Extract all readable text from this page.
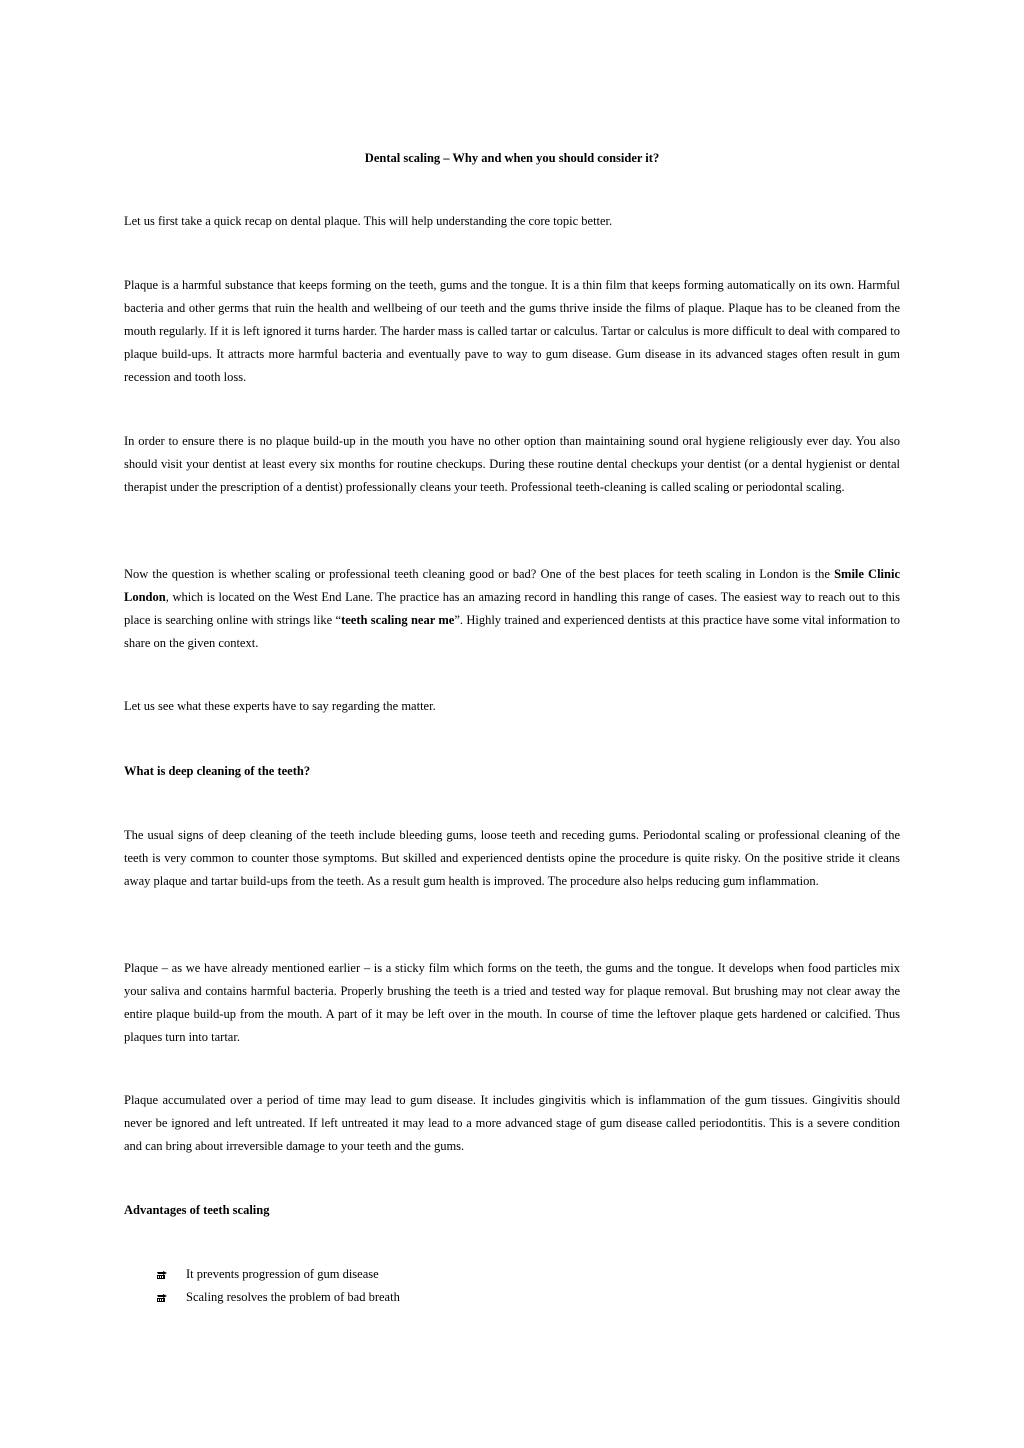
Dental scaling – Why and when you should consider it?

Let us first take a quick recap on dental plaque. This will help understanding the core topic better.

Plaque is a harmful substance that keeps forming on the teeth, gums and the tongue. It is a thin film that keeps forming automatically on its own. Harmful bacteria and other germs that ruin the health and wellbeing of our teeth and the gums thrive inside the films of plaque. Plaque has to be cleaned from the mouth regularly. If it is left ignored it turns harder. The harder mass is called tartar or calculus. Tartar or calculus is more difficult to deal with compared to plaque build-ups. It attracts more harmful bacteria and eventually pave to way to gum disease. Gum disease in its advanced stages often result in gum recession and tooth loss.

In order to ensure there is no plaque build-up in the mouth you have no other option than maintaining sound oral hygiene religiously ever day. You also should visit your dentist at least every six months for routine checkups. During these routine dental checkups your dentist (or a dental hygienist or dental therapist under the prescription of a dentist) professionally cleans your teeth. Professional teeth-cleaning is called scaling or periodontal scaling.

Now the question is whether scaling or professional teeth cleaning good or bad? One of the best places for teeth scaling in London is the Smile Clinic London, which is located on the West End Lane. The practice has an amazing record in handling this range of cases. The easiest way to reach out to this place is searching online with strings like “teeth scaling near me”. Highly trained and experienced dentists at this practice have some vital information to share on the given context.

Let us see what these experts have to say regarding the matter.

What is deep cleaning of the teeth?

The usual signs of deep cleaning of the teeth include bleeding gums, loose teeth and receding gums. Periodontal scaling or professional cleaning of the teeth is very common to counter those symptoms. But skilled and experienced dentists opine the procedure is quite risky. On the positive stride it cleans away plaque and tartar build-ups from the teeth. As a result gum health is improved. The procedure also helps reducing gum inflammation.

Plaque – as we have already mentioned earlier – is a sticky film which forms on the teeth, the gums and the tongue. It develops when food particles mix your saliva and contains harmful bacteria. Properly brushing the teeth is a tried and tested way for plaque removal. But brushing may not clear away the entire plaque build-up from the mouth. A part of it may be left over in the mouth. In course of time the leftover plaque gets hardened or calcified. Thus plaques turn into tartar.

Plaque accumulated over a period of time may lead to gum disease. It includes gingivitis which is inflammation of the gum tissues. Gingivitis should never be ignored and left untreated. If left untreated it may lead to a more advanced stage of gum disease called periodontitis. This is a severe condition and can bring about irreversible damage to your teeth and the gums.

Advantages of teeth scaling

It prevents progression of gum disease
Scaling resolves the problem of bad breath
